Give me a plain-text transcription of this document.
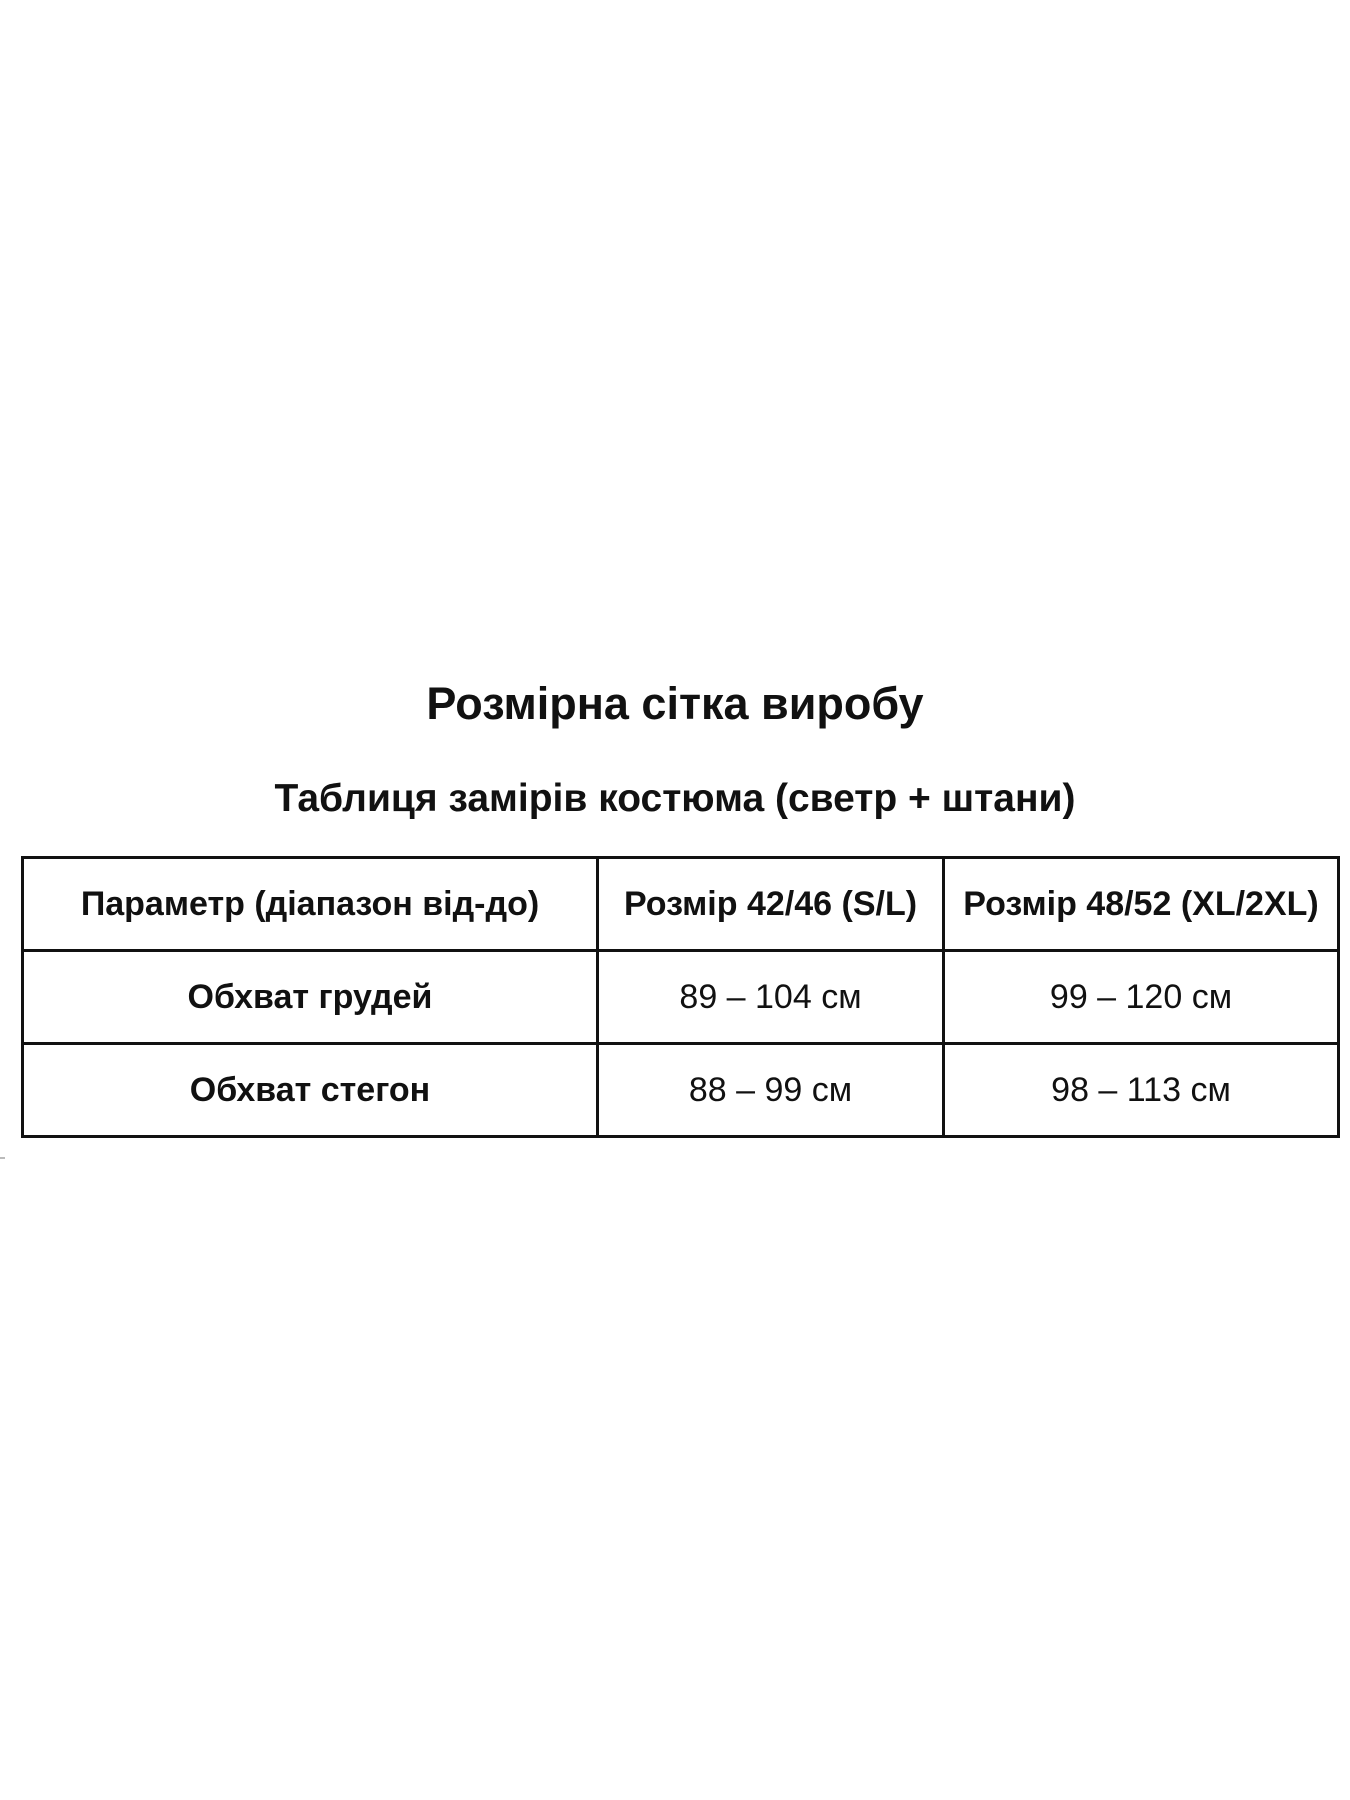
Розмірна сітка виробу
Таблиця замірів костюма (светр + штани)
Параметр (діапазон від-до)	Розмір 42/46 (S/L)	Розмір 48/52 (XL/2XL)
Обхват грудей	89 – 104 см	99 – 120 см
Обхват стегон	88 – 99 см	98 – 113 см
